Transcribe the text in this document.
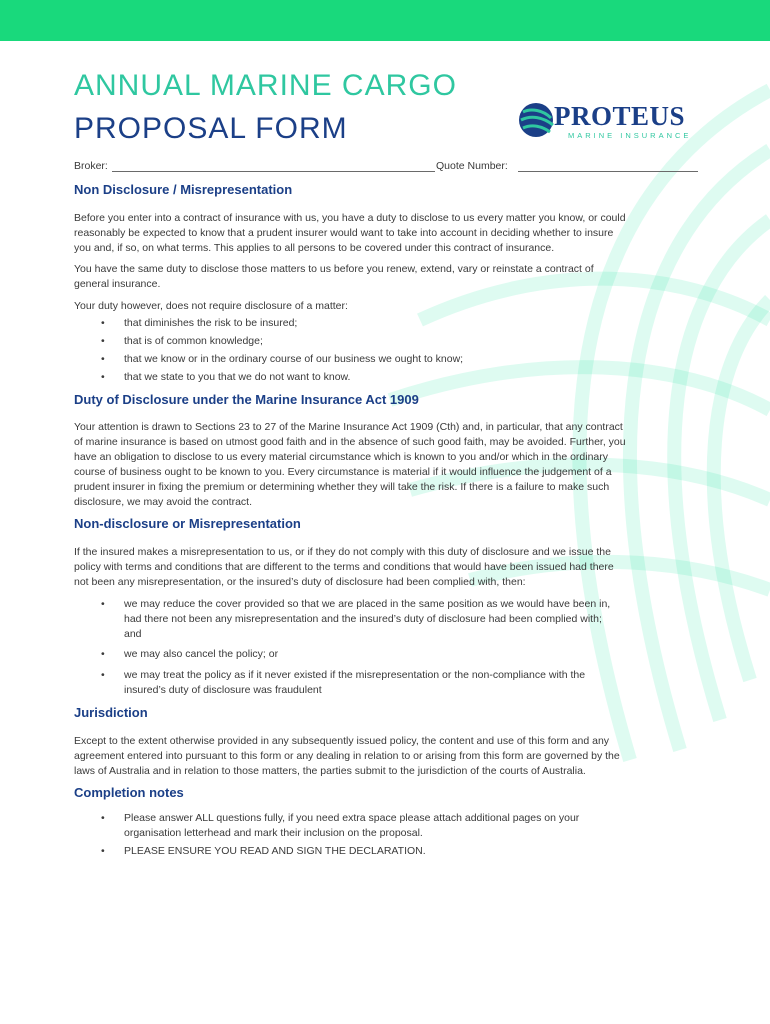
ANNUAL MARINE CARGO
PROPOSAL FORM	PROTEUS
MARINE INSURANCE
Broker:	Quote Number:
Non Disclosure / Misrepresentation
Before you enter into a contract of insurance with us, you have a duty to disclose to us every matter you know, or could
reasonably be expected to know that a prudent insurer would want to take into account in deciding whether to insure
you and, if so, on what terms. This applies to all persons to be covered under this contract of insurance.
You have the same duty to disclose those matters to us before you renew, extend, vary or reinstate a contract of
general insurance.
Your duty however, does not require disclosure of a matter:
• that diminishes the risk to be insured;
• that is of common knowledge;
• that we know or in the ordinary course of our business we ought to know;
• that we state to you that we do not want to know.
Duty of Disclosure under the Marine Insurance Act 1909
Your attention is drawn to Sections 23 to 27 of the Marine Insurance Act 1909 (Cth) and, in particular, that any contract
of marine insurance is based on utmost good faith and in the absence of such good faith, may be avoided. Further, you
have an obligation to disclose to us every material circumstance which is known to you and/or which in the ordinary
course of business ought to be known to you. Every circumstance is material if it would influence the judgement of a
prudent insurer in fixing the premium or determining whether they will take the risk. If there is a failure to make such
disclosure, we may avoid the contract.
Non-disclosure or Misrepresentation
If the insured makes a misrepresentation to us, or if they do not comply with this duty of disclosure and we issue the
policy with terms and conditions that are different to the terms and conditions that would have been issued had there
not been any misrepresentation, or the insured’s duty of disclosure had been complied with, then:
• we may reduce the cover provided so that we are placed in the same position as we would have been in,
had there not been any misrepresentation and the insured’s duty of disclosure had been complied with;
and
• we may also cancel the policy; or
• we may treat the policy as if it never existed if the misrepresentation or the non-compliance with the
insured’s duty of disclosure was fraudulent
Jurisdiction
Except to the extent otherwise provided in any subsequently issued policy, the content and use of this form and any
agreement entered into pursuant to this form or any dealing in relation to or arising from this form are governed by the
laws of Australia and in relation to those matters, the parties submit to the jurisdiction of the courts of Australia.
Completion notes
• Please answer ALL questions fully, if you need extra space please attach additional pages on your
organisation letterhead and mark their inclusion on the proposal.
• PLEASE ENSURE YOU READ AND SIGN THE DECLARATION.
